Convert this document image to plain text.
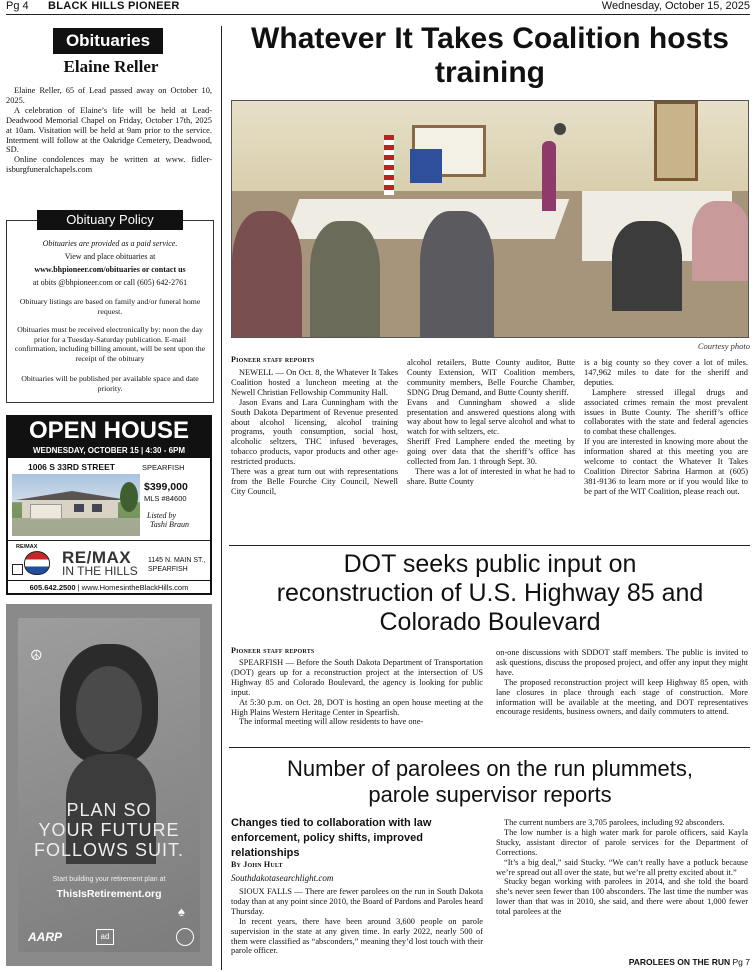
Pg 4 BLACK HILLS PIONEER	Wednesday, October 15, 2025
Obituaries
Elaine Reller

Elaine Reller, 65 of Lead passed away on October 10, 2025.

A celebration of Elaine’s life will be held at Lead-Deadwood Memorial Chapel on Friday, October 17th, 2025 at 10am. Visitation will be held at 9am prior to the service. Interment will follow at the Oakridge Cemetery, Deadwood, SD.

Online condolences may be written at www. fidler-isburgfuneralchapels.com

Obituary Policy
Obituaries are provided as a paid service.
View and place obituaries at
www.bhpioneer.com/obituaries or contact us
at obits @bhpioneer.com or call (605) 642-2761
Obituary listings are based on family and/or funeral home request.
Obituaries must be received electronically by: noon the day prior for a Tuesday-Saturday publication. E-mail confirmation, including billing amount, will be sent upon the receipt of the obituary
Obituaries will be published per available space and date priority.
OPEN HOUSE
WEDNESDAY, OCTOBER 15 | 4:30 - 6PM
1006 S 33RD STREET	SPEARFISH
$399,000
MLS #84600
Listed by
Tashi Braun
RE/MAX
RE/MAX
IN THE HILLS
1145 N. MAIN ST.,
SPEARFISH
605.642.2500 | www.HomesintheBlackHills.com
☮
♠
PLAN SO
YOUR FUTURE
FOLLOWS SUIT.
Start building your retirement plan at
ThisIsRetirement.org
AARP	ad
Whatever It Takes Coalition hosts training
Courtesy photo
Pioneer staff reports

NEWELL — On Oct. 8, the Whatever It Takes Coalition hosted a luncheon meeting at the Newell Christian Fellowship Community Hall.

Jason Evans and Lara Cunningham with the South Dakota Department of Revenue presented about alcohol licensing, alcohol training programs, youth consumption, social host, alcoholic seltzers, THC infused beverages, tobacco products, vapor products and other age-restricted products.

There was a great turn out with representations from the Belle Fourche City Council, Newell City Council,

alcohol retailers, Butte County auditor, Butte County Extension, WIT Coalition members, community members, Belle Fourche Chamber, SDNG Drug Demand, and Butte County sheriff.

Evans and Cunningham showed a slide presentation and answered questions along with way about how to legal serve alcohol and what to watch for with seltzers, etc.

Sheriff Fred Lamphere ended the meeting by going over data that the sheriff’s office has collected from Jan. 1 through Sept. 30.

There was a lot of interested in what he had to share. Butte County

is a big county so they cover a lot of miles. 147,962 miles to date for the sheriff and deputies.

Lamphere stressed illegal drugs and associated crimes remain the most prevalent issues in Butte County. The sheriff’s office collaborates with the state and federal agencies to combat these challenges.

If you are interested in knowing more about the information shared at this meeting you are welcome to contact the Whatever It Takes Coalition Director Sabrina Harmon at (605) 381-9136 to learn more or if you would like to be part of the WIT Coalition, please reach out.

DOT seeks public input on reconstruction of U.S. Highway 85 and Colorado Boulevard
Pioneer staff reports

SPEARFISH — Before the South Dakota Department of Transportation (DOT) gears up for a reconstruction project at the intersection of US Highway 85 and Colorado Boulevard, the agency is looking for public input.

At 5:30 p.m. on Oct. 28, DOT is hosting an open house meeting at the High Plains Western Heritage Center in Spearfish.

The informal meeting will allow residents to have one-

on-one discussions with SDDOT staff members. The public is invited to ask questions, discuss the proposed project, and offer any input they might have.

The proposed reconstruction project will keep Highway 85 open, with lane closures in place through each stage of construction. More information will be available at the meeting, and DOT representatives encourage residents, business owners, and daily commuters to attend.

Number of parolees on the run plummets, parole supervisor reports
Changes tied to collaboration with law enforcement, policy shifts, improved relationships
By John Hult
Southdakotasearchlight.com

SIOUX FALLS — There are fewer parolees on the run in South Dakota today than at any point since 2010, the Board of Pardons and Paroles heard Thursday.

In recent years, there have been around 3,600 people on parole supervision in the state at any given time. In early 2022, nearly 500 of them were classified as “absconders,” meaning they’d lost touch with their parole officer.

The current numbers are 3,705 parolees, including 92 absconders.

The low number is a high water mark for parole officers, said Kayla Stucky, assistant director of parole services for the Department of Corrections.

“It’s a big deal,” said Stucky. “We can’t really have a potluck because we’re spread out all over the state, but we’re all pretty excited about it.”

Stucky began working with parolees in 2014, and she told the board she’s never seen fewer than 100 absconders. The last time the number was lower than that was in 2010, she said, and there were about 1,000 fewer total parolees at the

PAROLEES ON THE RUN Pg 7
